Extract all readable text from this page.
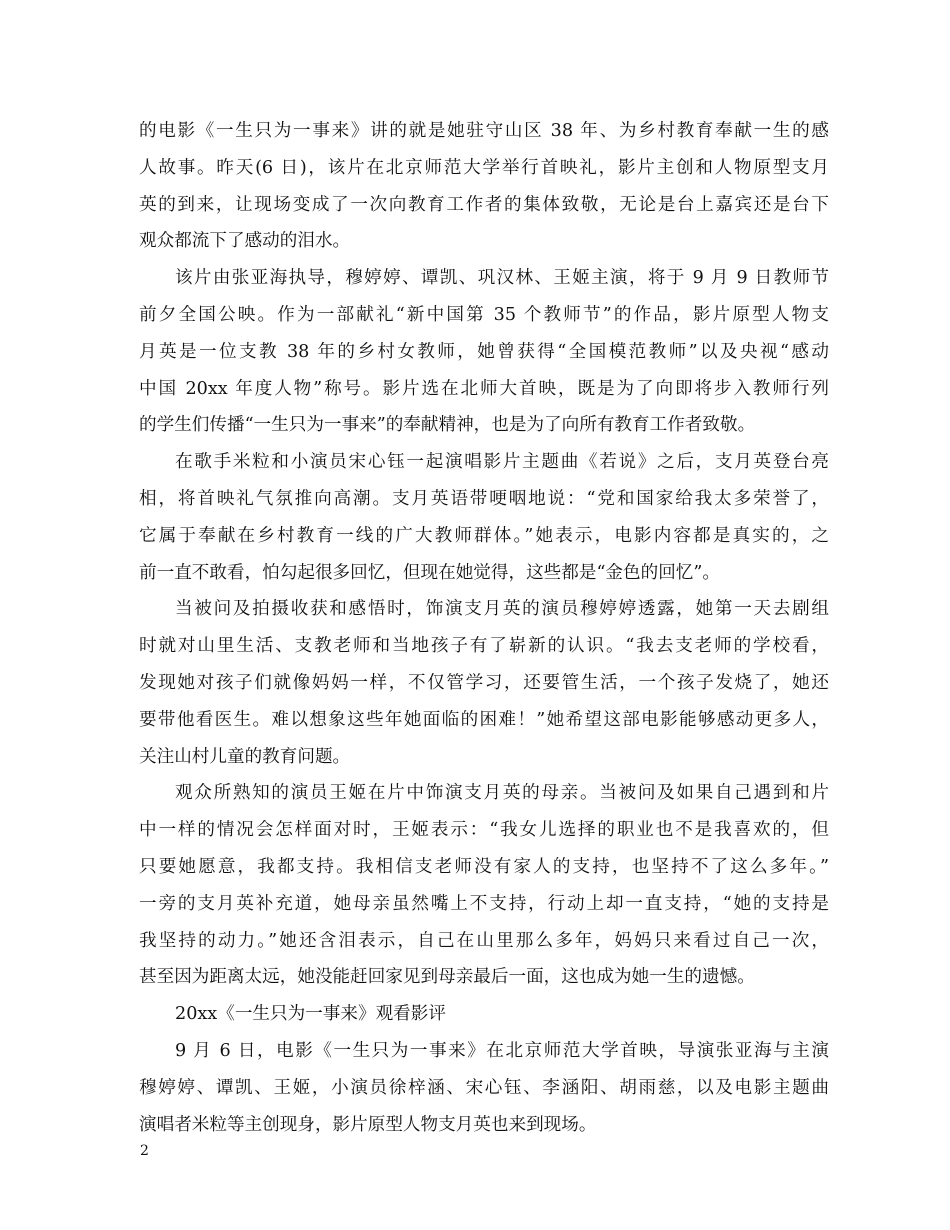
的电影《一生只为一事来》讲的就是她驻守山区 38 年、为乡村教育奉献一生的感
人故事。昨天(6 日)，该片在北京师范大学举行首映礼，影片主创和人物原型支月
英的到来，让现场变成了一次向教育工作者的集体致敬，无论是台上嘉宾还是台下
观众都流下了感动的泪水。
该片由张亚海执导，穆婷婷、谭凯、巩汉林、王姬主演，将于 9 月 9 日教师节
前夕全国公映。作为一部献礼“新中国第 35 个教师节”的作品，影片原型人物支
月英是一位支教 38 年的乡村女教师，她曾获得“全国模范教师”以及央视“感动
中国 20xx 年度人物”称号。影片选在北师大首映，既是为了向即将步入教师行列
的学生们传播“一生只为一事来”的奉献精神，也是为了向所有教育工作者致敬。
在歌手米粒和小演员宋心钰一起演唱影片主题曲《若说》之后，支月英登台亮
相，将首映礼气氛推向高潮。支月英语带哽咽地说：“党和国家给我太多荣誉了，
它属于奉献在乡村教育一线的广大教师群体。”她表示，电影内容都是真实的，之
前一直不敢看，怕勾起很多回忆，但现在她觉得，这些都是“金色的回忆”。
当被问及拍摄收获和感悟时，饰演支月英的演员穆婷婷透露，她第一天去剧组
时就对山里生活、支教老师和当地孩子有了崭新的认识。“我去支老师的学校看，
发现她对孩子们就像妈妈一样，不仅管学习，还要管生活，一个孩子发烧了，她还
要带他看医生。难以想象这些年她面临的困难！”她希望这部电影能够感动更多人，
关注山村儿童的教育问题。
观众所熟知的演员王姬在片中饰演支月英的母亲。当被问及如果自己遇到和片
中一样的情况会怎样面对时，王姬表示：“我女儿选择的职业也不是我喜欢的，但
只要她愿意，我都支持。我相信支老师没有家人的支持，也坚持不了这么多年。”
一旁的支月英补充道，她母亲虽然嘴上不支持，行动上却一直支持，“她的支持是
我坚持的动力。”她还含泪表示，自己在山里那么多年，妈妈只来看过自己一次，
甚至因为距离太远，她没能赶回家见到母亲最后一面，这也成为她一生的遗憾。
20xx《一生只为一事来》观看影评
9 月 6 日，电影《一生只为一事来》在北京师范大学首映，导演张亚海与主演
穆婷婷、谭凯、王姬，小演员徐梓涵、宋心钰、李涵阳、胡雨慈，以及电影主题曲
演唱者米粒等主创现身，影片原型人物支月英也来到现场。
2
